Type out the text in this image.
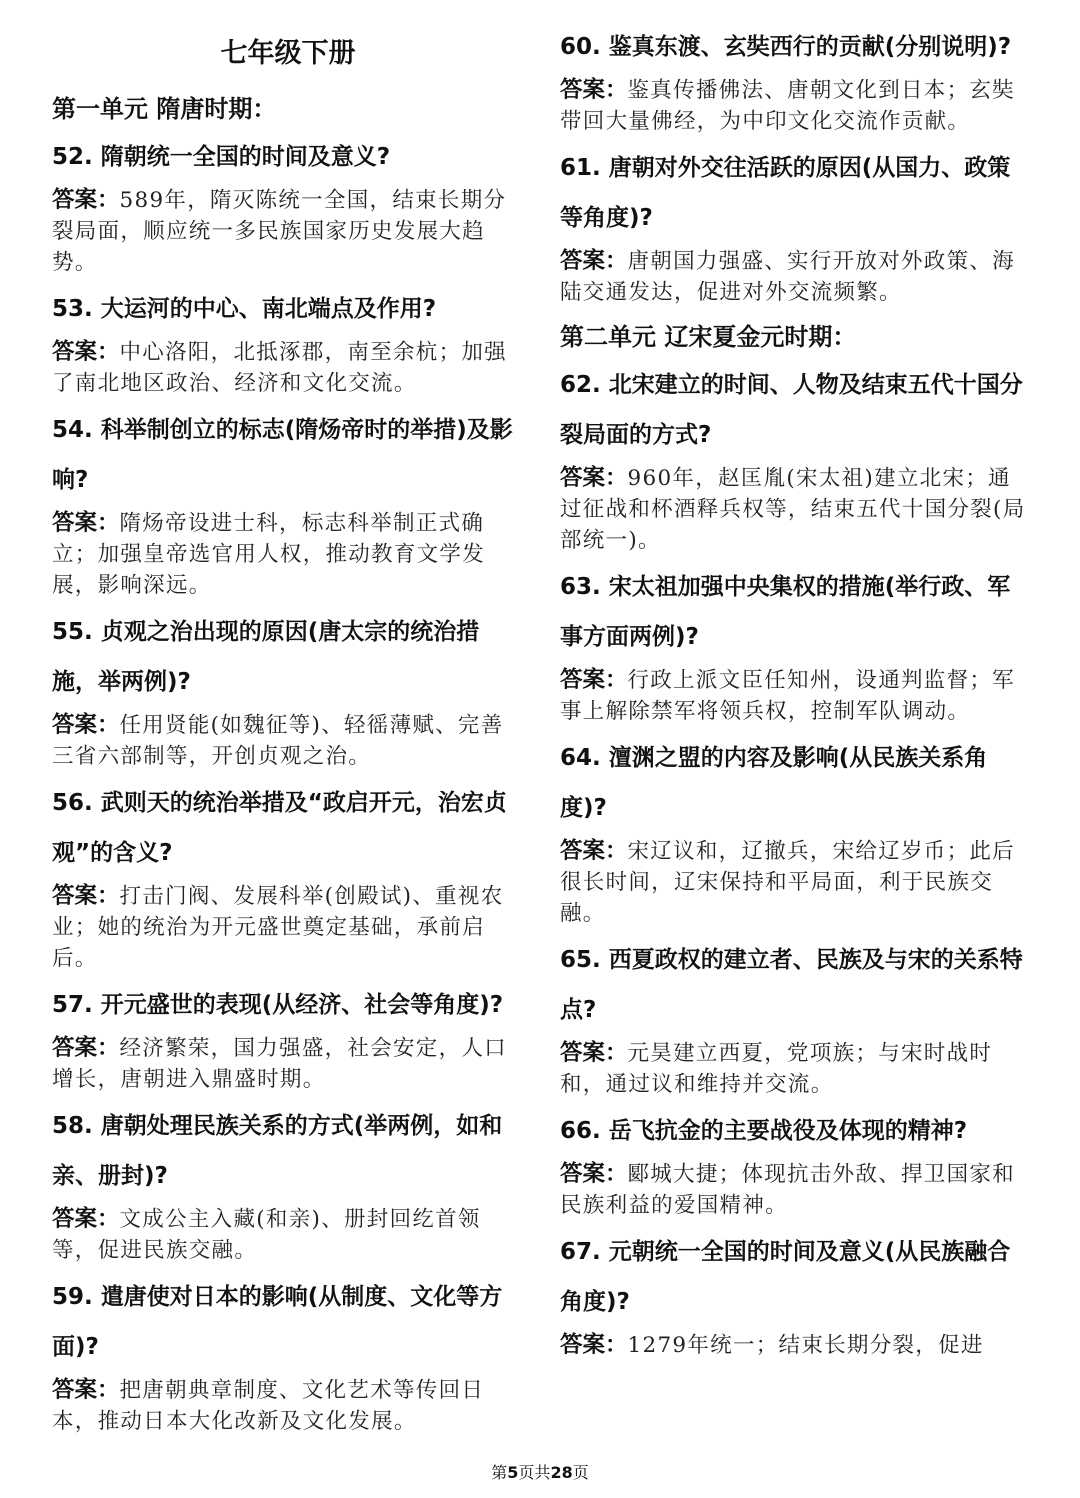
七年级下册

第一单元 隋唐时期：

52. 隋朝统一全国的时间及意义?

答案：589年，隋灭陈统一全国，结束长期分裂局面，顺应统一多民族国家历史发展大趋势。

53. 大运河的中心、南北端点及作用?

答案：中心洛阳，北抵涿郡，南至余杭；加强了南北地区政治、经济和文化交流。

54. 科举制创立的标志(隋炀帝时的举措)及影响?

答案：隋炀帝设进士科，标志科举制正式确立；加强皇帝选官用人权，推动教育文学发展，影响深远。

55. 贞观之治出现的原因(唐太宗的统治措施，举两例)?

答案：任用贤能(如魏征等)、轻徭薄赋、完善三省六部制等，开创贞观之治。

56. 武则天的统治举措及“政启开元，治宏贞观”的含义?

答案：打击门阀、发展科举(创殿试)、重视农业；她的统治为开元盛世奠定基础，承前启后。

57. 开元盛世的表现(从经济、社会等角度)?

答案：经济繁荣，国力强盛，社会安定，人口增长，唐朝进入鼎盛时期。

58. 唐朝处理民族关系的方式(举两例，如和亲、册封)?

答案：文成公主入藏(和亲)、册封回纥首领等，促进民族交融。

59. 遣唐使对日本的影响(从制度、文化等方面)?

答案：把唐朝典章制度、文化艺术等传回日本，推动日本大化改新及文化发展。

60. 鉴真东渡、玄奘西行的贡献(分别说明)?

答案：鉴真传播佛法、唐朝文化到日本；玄奘带回大量佛经，为中印文化交流作贡献。

61. 唐朝对外交往活跃的原因(从国力、政策等角度)?

答案：唐朝国力强盛、实行开放对外政策、海陆交通发达，促进对外交流频繁。

第二单元 辽宋夏金元时期：

62. 北宋建立的时间、人物及结束五代十国分裂局面的方式?

答案：960年，赵匡胤(宋太祖)建立北宋；通过征战和杯酒释兵权等，结束五代十国分裂(局部统一)。

63. 宋太祖加强中央集权的措施(举行政、军事方面两例)?

答案：行政上派文臣任知州，设通判监督；军事上解除禁军将领兵权，控制军队调动。

64. 澶渊之盟的内容及影响(从民族关系角度)?

答案：宋辽议和，辽撤兵，宋给辽岁币；此后很长时间，辽宋保持和平局面，利于民族交融。

65. 西夏政权的建立者、民族及与宋的关系特点?

答案：元昊建立西夏，党项族；与宋时战时和，通过议和维持并交流。

66. 岳飞抗金的主要战役及体现的精神?

答案：郾城大捷；体现抗击外敌、捍卫国家和民族利益的爱国精神。

67. 元朝统一全国的时间及意义(从民族融合角度)?

答案：1279年统一；结束长期分裂，促进

第5页共28页
